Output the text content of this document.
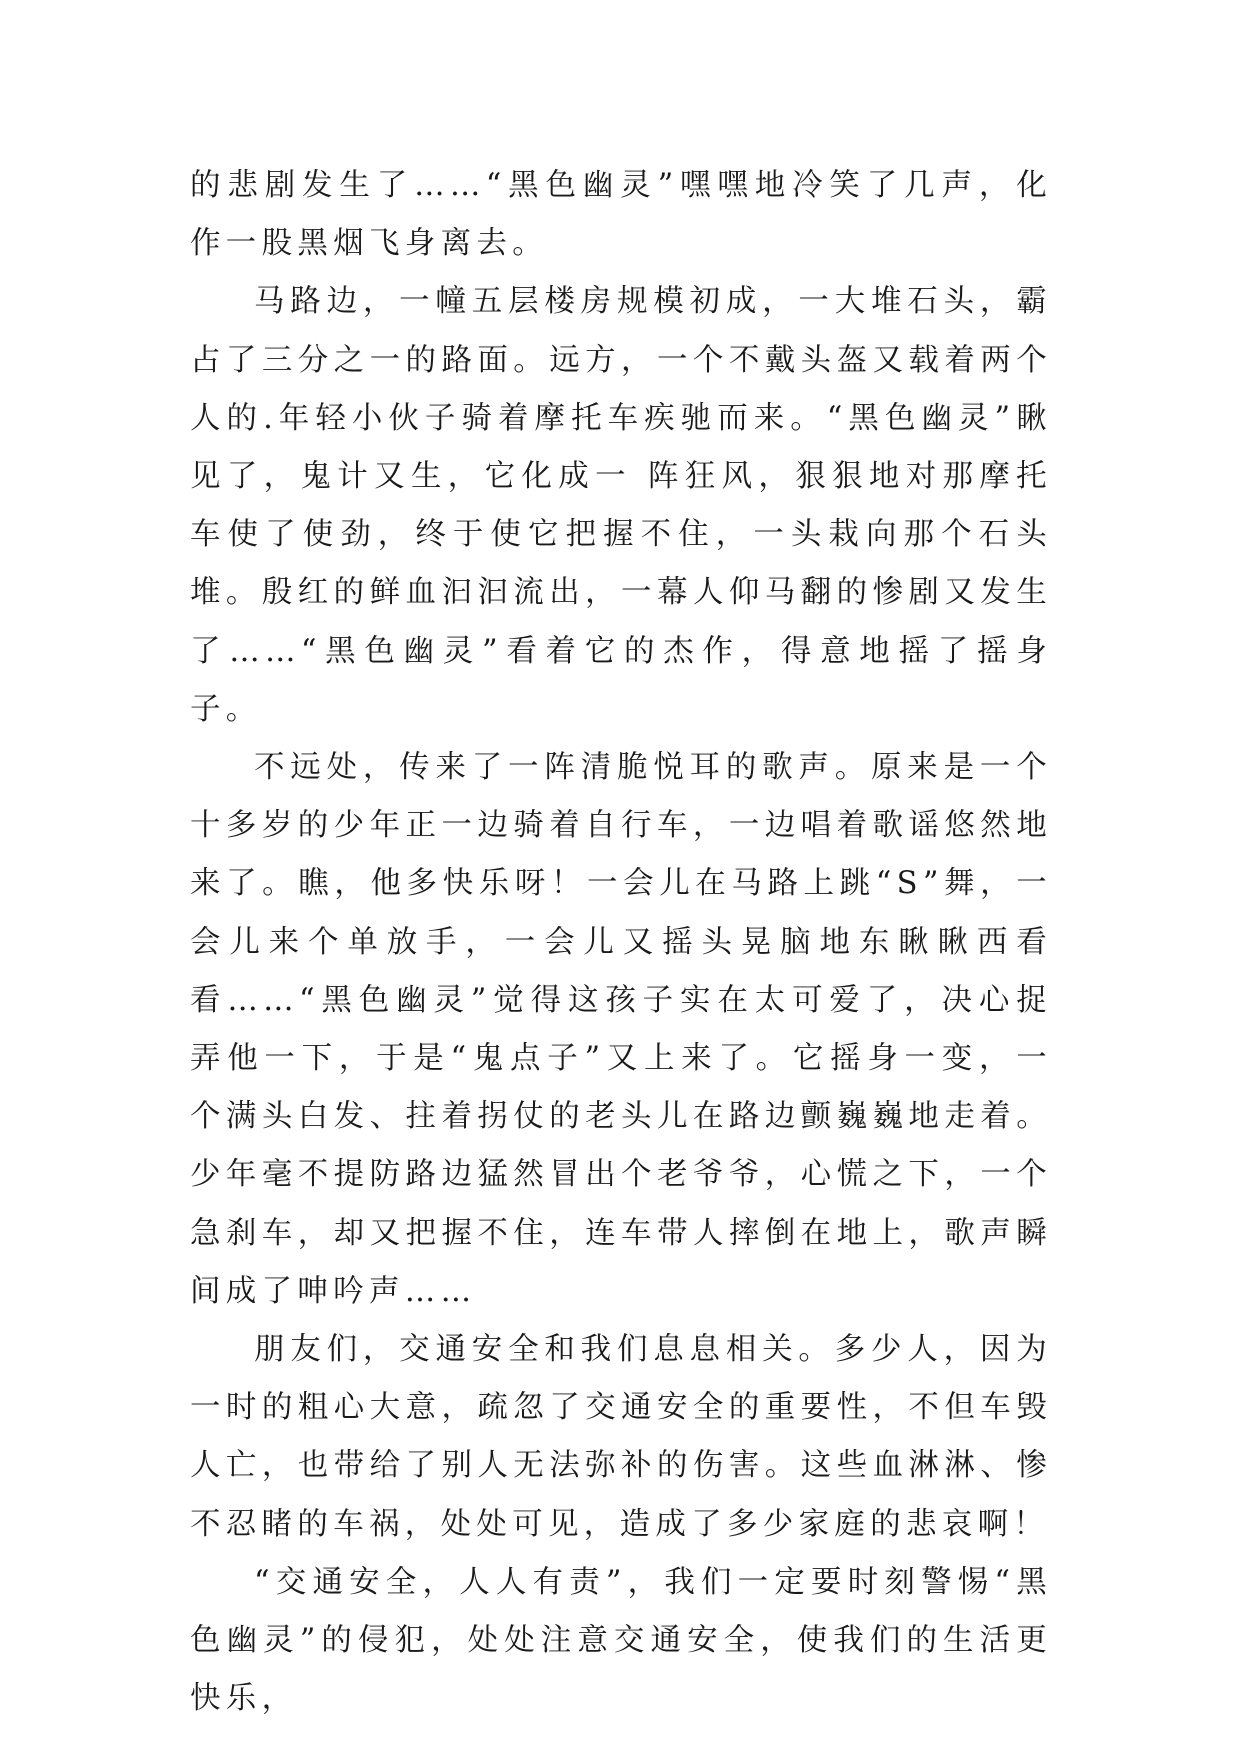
的悲剧发生了……“黑色幽灵”嘿嘿地冷笑了几声，化作一股黑烟飞身离去。

马路边，一幢五层楼房规模初成，一大堆石头，霸占了三分之一的路面。远方，一个不戴头盔又载着两个人的.年轻小伙子骑着摩托车疾驰而来。“黑色幽灵”瞅见了，鬼计又生，它化成一 阵狂风，狠狠地对那摩托车使了使劲，终于使它把握不住，一头栽向那个石头堆。殷红的鲜血汩汩流出，一幕人仰马翻的惨剧又发生了……“黑色幽灵”看着它的杰作，得意地摇了摇身子。

不远处，传来了一阵清脆悦耳的歌声。原来是一个十多岁的少年正一边骑着自行车，一边唱着歌谣悠然地来了。瞧，他多快乐呀！一会儿在马路上跳“S”舞，一会儿来个单放手，一会儿又摇头晃脑地东瞅瞅西看看……“黑色幽灵”觉得这孩子实在太可爱了，决心捉弄他一下，于是“鬼点子”又上来了。它摇身一变，一个满头白发、拄着拐仗的老头儿在路边颤巍巍地走着。少年毫不提防路边猛然冒出个老爷爷，心慌之下，一个急刹车，却又把握不住，连车带人摔倒在地上，歌声瞬间成了呻吟声……

朋友们，交通安全和我们息息相关。多少人，因为一时的粗心大意，疏忽了交通安全的重要性，不但车毁人亡，也带给了别人无法弥补的伤害。这些血淋淋、惨不忍睹的车祸，处处可见，造成了多少家庭的悲哀啊！

“交通安全，人人有责”，我们一定要时刻警惕“黑色幽灵”的侵犯，处处注意交通安全，使我们的生活更快乐，
